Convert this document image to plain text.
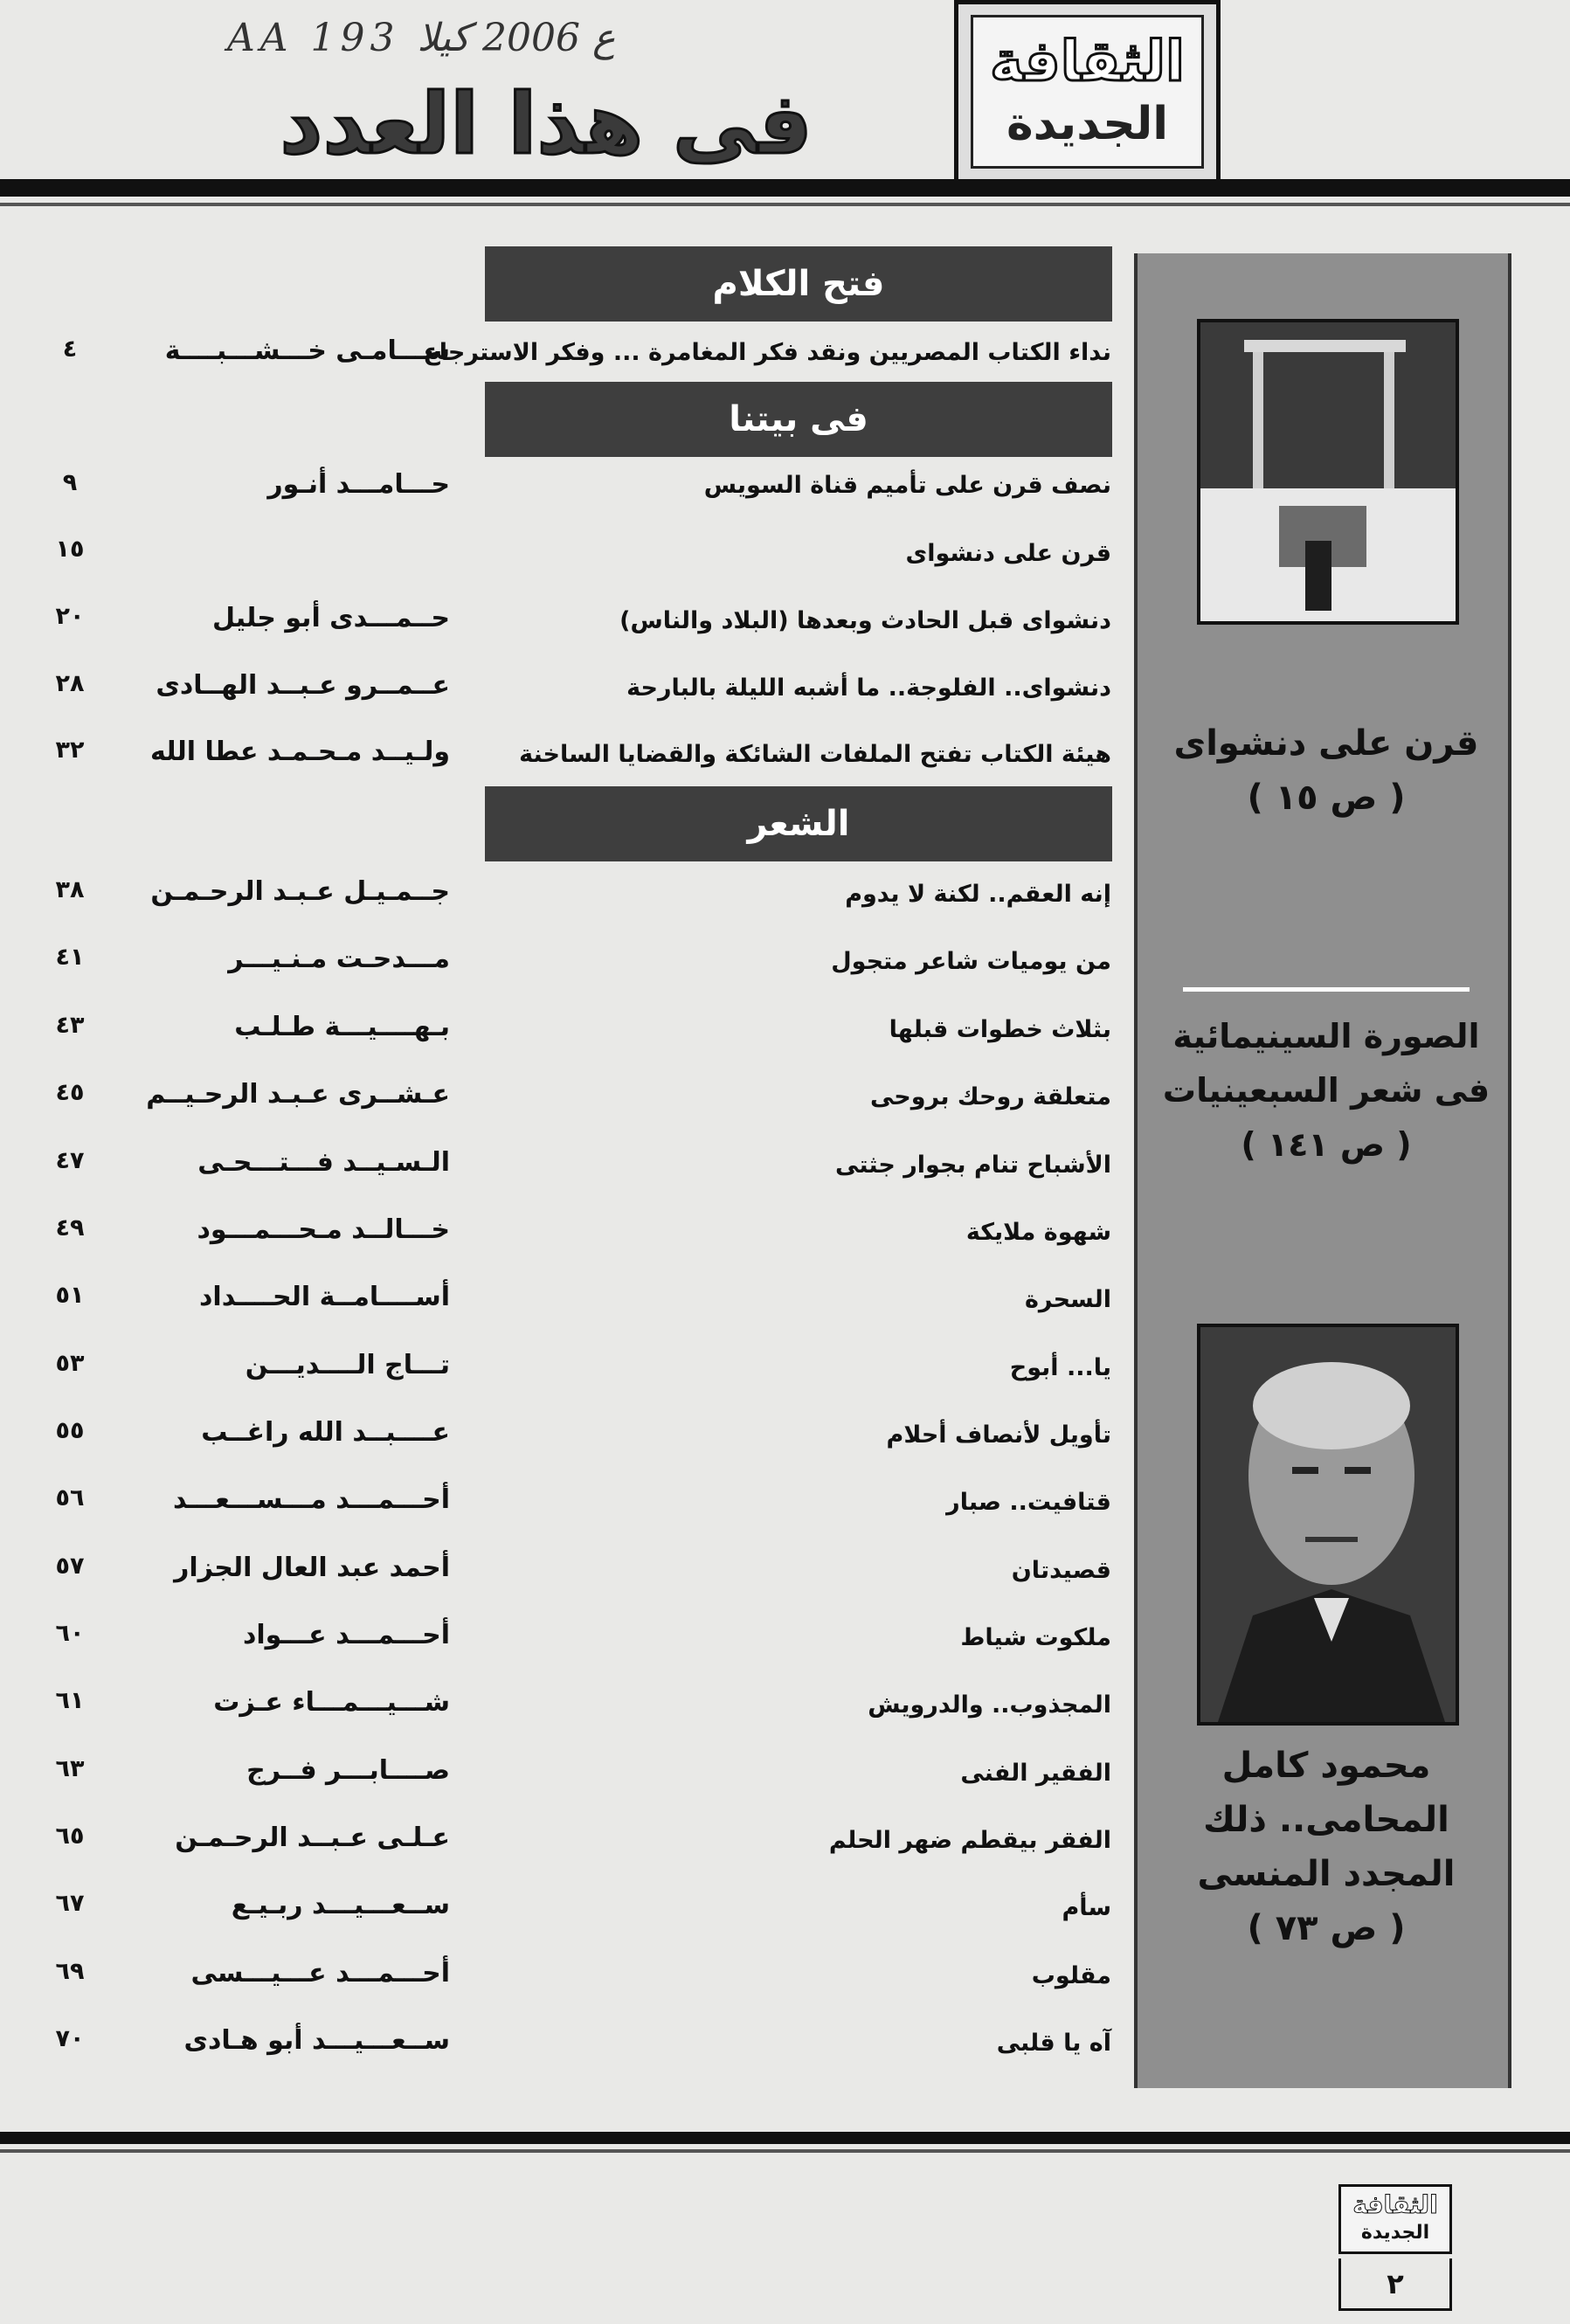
AA 193 ع 2006 كيلا
فى هذا العدد
الثقافة
الجديدة
قرن على دنشواى
( ص ١٥ )
الصورة السينيمائية
فى شعر السبعينيات
( ص ١٤١ )
محمود كامل
المحامى.. ذلك
المجدد المنسى
( ص ٧٣ )
فتح الكلام
نداء الكتاب المصريين ونقد فكر المغامرة ... وفكر الاسترجاع
ســـامـى خـــشـــبــــة
٤
فى بيتنا
نصف قرن على تأميم قناة السويس
حـــامـــد أنـور
٩
قرن على دنشواى
١٥
دنشواى قبل الحادث وبعدها (البلاد والناس)
حــمـــدى أبو جليل
٢٠
دنشواى.. الفلوجة.. ما أشبه الليلة بالبارحة
عــمــرو عـبــد الهــادى
٢٨
هيئة الكتاب تفتح الملفات الشائكة والقضايا الساخنة
ولـيــد مـحـمـد عطا الله
٣٢
الشعر
إنه العقم.. لكنة لا يدوم
جــمـيـل عـبـد الرحـمـن
٣٨
من يوميات شاعر متجول
مـــدحـت مـنـيـــر
٤١
بثلاث خطوات قبلها
بـهــــيـــة طـلـب
٤٣
متعلقة روحك بروحى
عـشــرى عـبـد الرحـيــم
٤٥
الأشباح تنام بجوار جثتى
الـسـيــد فـــتـــحـى
٤٧
شهوة ملايكة
خـــالــد مـحـــمـــود
٤٩
السحرة
أســــامــة الحــــداد
٥١
يا... أبوح
تـــاج الــــديـــن
٥٣
تأويل لأنصاف أحلام
عــــبــد الله راغــب
٥٥
قتافيت.. صبار
أحـــمـــد مـــســـعـــد
٥٦
قصيدتان
أحمد عبد العال الجزار
٥٧
ملكوت شياط
أحـــمـــد عـــواد
٦٠
المجذوب.. والدرويش
شـــيـــمـــاء عـزت
٦١
الفقير الفنى
صــــابـــر فــرج
٦٣
الفقر بيقطم ضهر الحلم
عـلـى عـبــد الرحـمـن
٦٥
سأم
ســعـــيـــد ربـيـع
٦٧
مقلوب
أحـــمـــد عـــيـــسى
٦٩
آه يا قلبى
ســعـــيـــد أبو هـادى
٧٠
الثقافة
الجديدة
٢
